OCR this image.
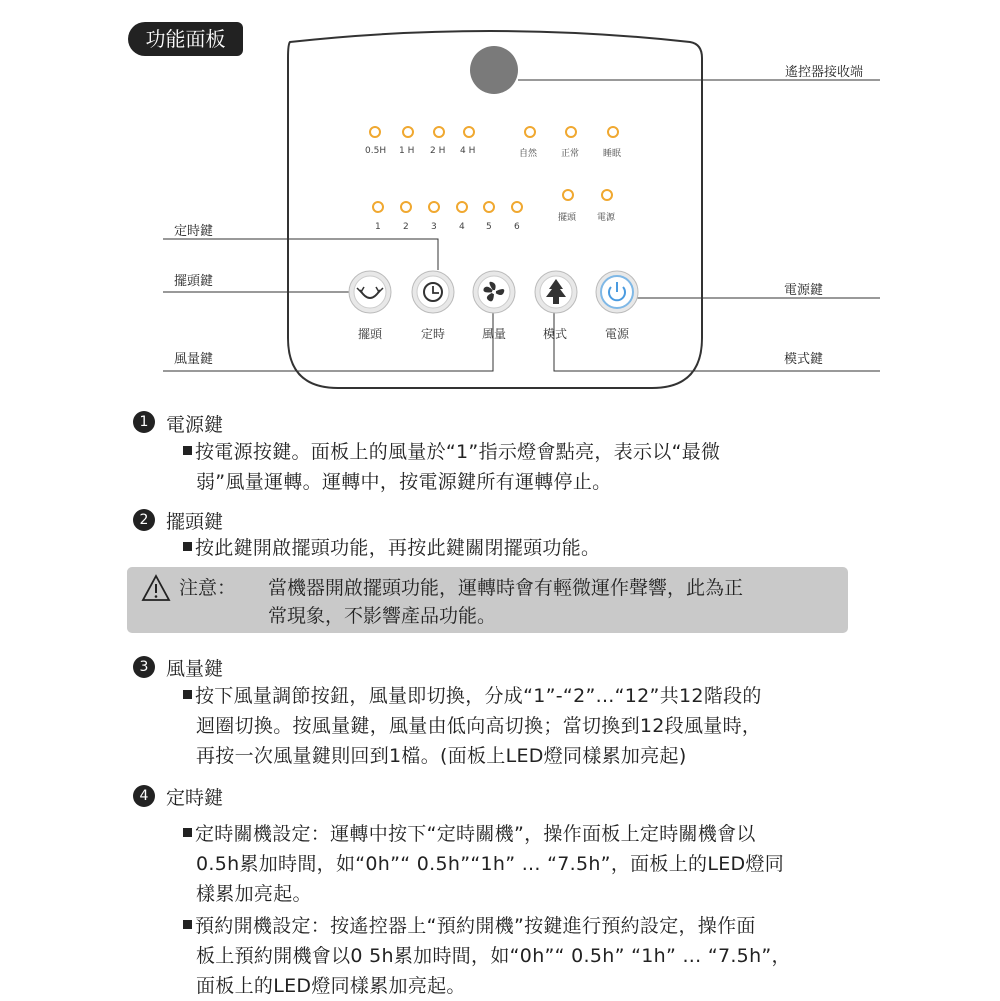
功能面板
0.5H 1 H 2 H 4 H	自然	正常	睡眠
1 2 3 4 5 6
擺頭 電源
擺頭	定時	風量	模式	電源
遙控器接收端
定時鍵
擺頭鍵
電源鍵
風量鍵	模式鍵
1 電源鍵
按電源按鍵。面板上的風量於“1”指示燈會點亮，表示以“最微
弱”風量運轉。運轉中，按電源鍵所有運轉停止。
2 擺頭鍵
按此鍵開啟擺頭功能，再按此鍵關閉擺頭功能。
注意： 當機器開啟擺頭功能，運轉時會有輕微運作聲響，此為正
常現象，不影響產品功能。
3 風量鍵
按下風量調節按鈕，風量即切換，分成“1”-“2”...“12”共12階段的
迴圈切換。按風量鍵，風量由低向高切換；當切換到12段風量時，
再按一次風量鍵則回到1檔。(面板上LED燈同樣累加亮起)
4 定時鍵
定時關機設定：運轉中按下“定時關機”，操作面板上定時關機會以
0.5h累加時間，如“0h”“ 0.5h”“1h” ... “7.5h”，面板上的LED燈同
樣累加亮起。
預約開機設定：按遙控器上“預約開機”按鍵進行預約設定，操作面
板上預約開機會以0 5h累加時間，如“0h”“ 0.5h” “1h” ... “7.5h”，
面板上的LED燈同樣累加亮起。
